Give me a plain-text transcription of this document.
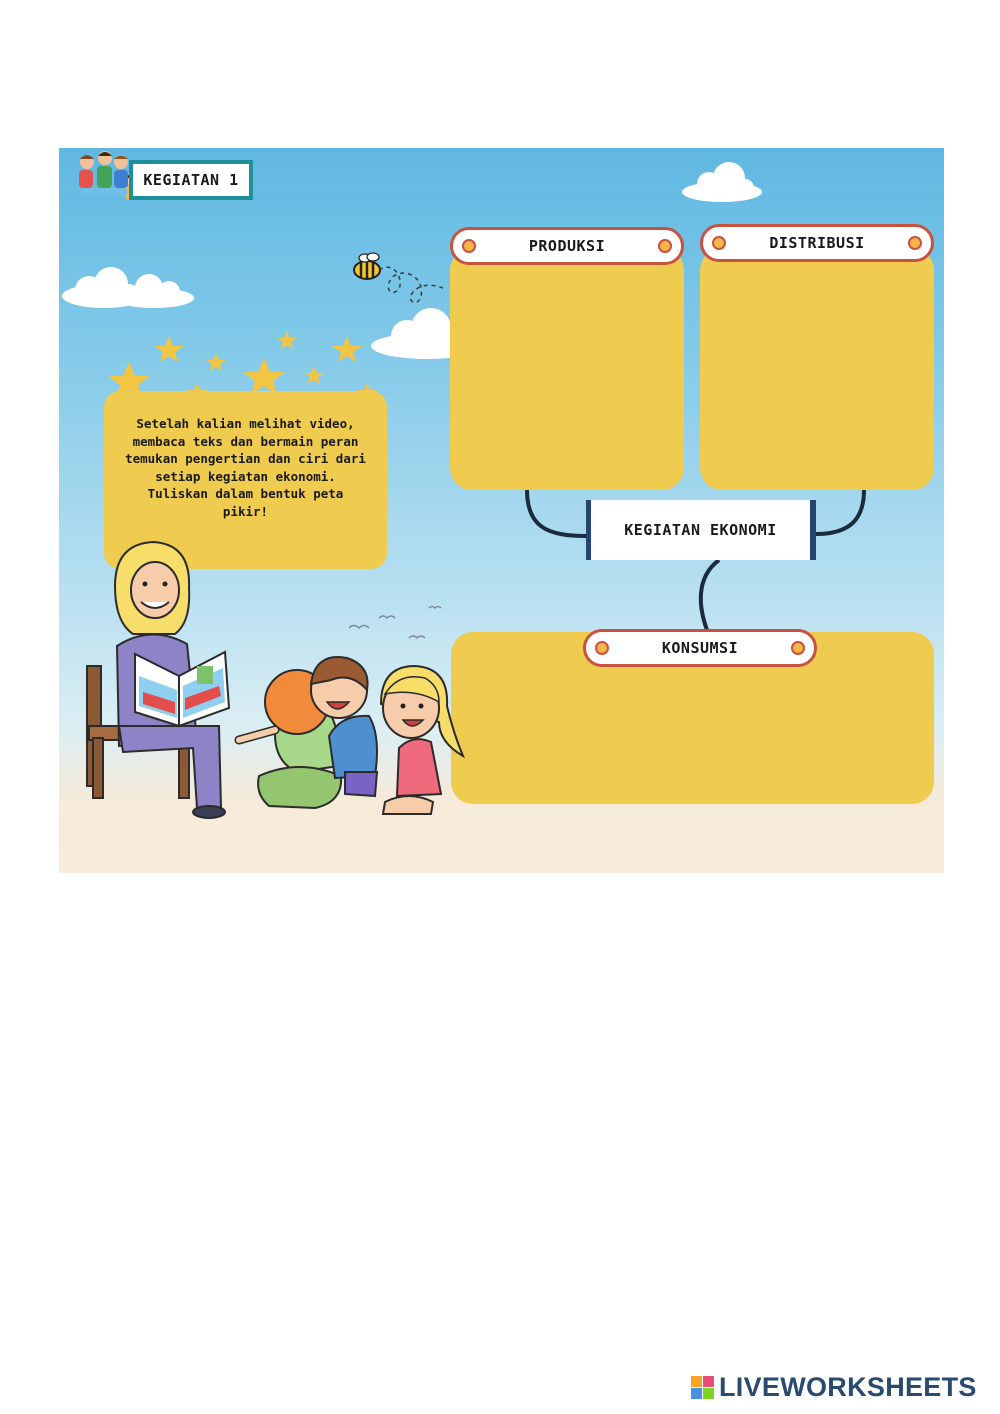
KEGIATAN 1
Setelah kalian melihat video, membaca teks dan bermain peran temukan pengertian dan ciri dari setiap kegiatan ekonomi. Tuliskan dalam bentuk peta pikir!
PRODUKSI	DISTRIBUSI
KEGIATAN EKONOMI
KONSUMSI
LIVEWORKSHEETS
